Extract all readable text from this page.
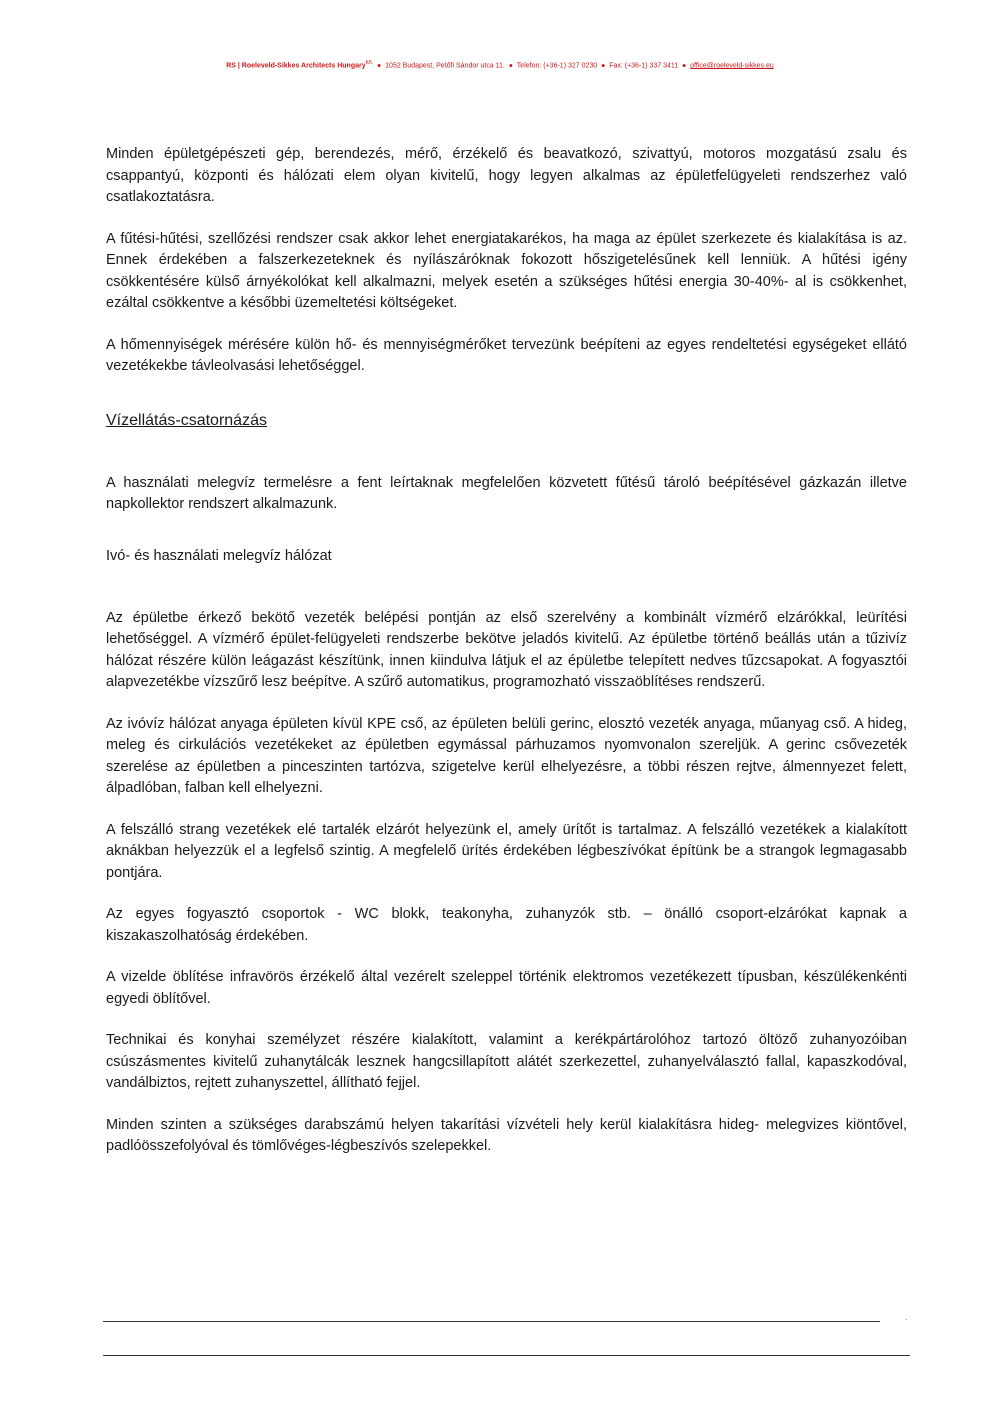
RS | Roeleveld-Sikkes Architects Hungary$^{Kft.}$ ● 1052 Budapest, Petőfi Sándor utca 11. ● Telefon: (+36-1) 327 0230 ● Fax: (+36-1) 337 3411 ● office@roeleveld-sikkes.eu

Minden épületgépészeti gép, berendezés, mérő, érzékelő és beavatkozó, szivattyú, motoros mozgatású zsalu és csappantyú, központi és hálózati elem olyan kivitelű, hogy legyen alkalmas az épületfelügyeleti rendszerhez való csatlakoztatásra.

A fűtési-hűtési, szellőzési rendszer csak akkor lehet energiatakarékos, ha maga az épület szerkezete és kialakítása is az. Ennek érdekében a falszerkezeteknek és nyílászáróknak fokozott hőszigetelésűnek kell lenniük. A hűtési igény csökkentésére külső árnyékolókat kell alkalmazni, melyek esetén a szükséges hűtési energia 30-40%- al is csökkenhet, ezáltal csökkentve a későbbi üzemeltetési költségeket.

A hőmennyiségek mérésére külön hő- és mennyiségmérőket tervezünk beépíteni az egyes rendeltetési egységeket ellátó vezetékekbe távleolvasási lehetőséggel.

Vízellátás-csatornázás

A használati melegvíz termelésre a fent leírtaknak megfelelően közvetett fűtésű tároló beépítésével gázkazán illetve napkollektor rendszert alkalmazunk.

Ivó- és használati melegvíz hálózat

Az épületbe érkező bekötő vezeték belépési pontján az első szerelvény a kombinált vízmérő elzárókkal, leürítési lehetőséggel. A vízmérő épület-felügyeleti rendszerbe bekötve jeladós kivitelű. Az épületbe történő beállás után a tűzivíz hálózat részére külön leágazást készítünk, innen kiindulva látjuk el az épületbe telepített nedves tűzcsapokat. A fogyasztói alapvezetékbe vízszűrő lesz beépítve. A szűrő automatikus, programozható visszaöblítéses rendszerű.

Az ivóvíz hálózat anyaga épületen kívül KPE cső, az épületen belüli gerinc, elosztó vezeték anyaga, műanyag cső. A hideg, meleg és cirkulációs vezetékeket az épületben egymással párhuzamos nyomvonalon szereljük. A gerinc csővezeték szerelése az épületben a pinceszinten tartózva, szigetelve kerül elhelyezésre, a többi részen rejtve, álmennyezet felett, álpadlóban, falban kell elhelyezni.

A felszálló strang vezetékek elé tartalék elzárót helyezünk el, amely ürítőt is tartalmaz. A felszálló vezetékek a kialakított aknákban helyezzük el a legfelső szintig. A megfelelő ürítés érdekében légbeszívókat építünk be a strangok legmagasabb pontjára.

Az egyes fogyasztó csoportok - WC blokk, teakonyha, zuhanyzók stb. – önálló csoport-elzárókat kapnak a kiszakaszolhatóság érdekében.

A vizelde öblítése infravörös érzékelő által vezérelt szeleppel történik elektromos vezetékezett típusban, készülékenkénti egyedi öblítővel.

Technikai és konyhai személyzet részére kialakított, valamint a kerékpártárolóhoz tartozó öltöző zuhanyozóiban csúszásmentes kivitelű zuhanytálcák lesznek hangcsillapított alátét szerkezettel, zuhanyelválasztó fallal, kapaszkodóval, vandálbiztos, rejtett zuhanyszettel, állítható fejjel.

Minden szinten a szükséges darabszámú helyen takarítási vízvételi hely kerül kialakításra hideg- melegvizes kiöntővel, padlóösszefolyóval és tömlővéges-légbeszívós szelepekkel.

.
